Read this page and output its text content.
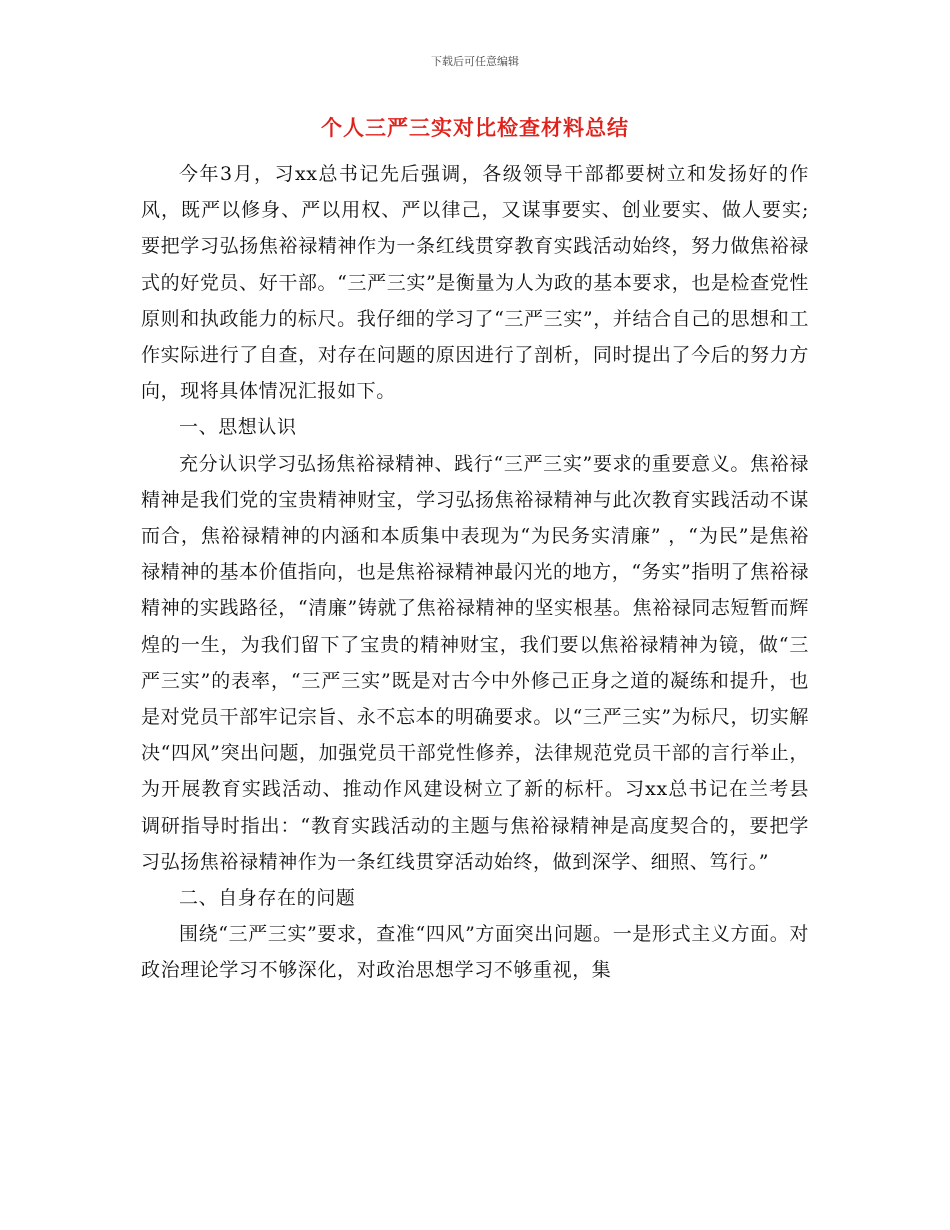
下载后可任意编辑
个人三严三实对比检查材料总结

今年3月，习xx总书记先后强调，各级领导干部都要树立和发扬好的作风，既严以修身、严以用权、严以律己，又谋事要实、创业要实、做人要实;要把学习弘扬焦裕禄精神作为一条红线贯穿教育实践活动始终，努力做焦裕禄式的好党员、好干部。“三严三实”是衡量为人为政的基本要求，也是检查党性原则和执政能力的标尺。我仔细的学习了“三严三实”，并结合自己的思想和工作实际进行了自查，对存在问题的原因进行了剖析，同时提出了今后的努力方向，现将具体情况汇报如下。

一、思想认识

充分认识学习弘扬焦裕禄精神、践行“三严三实”要求的重要意义。焦裕禄精神是我们党的宝贵精神财宝，学习弘扬焦裕禄精神与此次教育实践活动不谋而合，焦裕禄精神的内涵和本质集中表现为“为民务实清廉” ，“为民”是焦裕禄精神的基本价值指向，也是焦裕禄精神最闪光的地方，“务实”指明了焦裕禄精神的实践路径，“清廉”铸就了焦裕禄精神的坚实根基。焦裕禄同志短暂而辉煌的一生，为我们留下了宝贵的精神财宝，我们要以焦裕禄精神为镜，做“三严三实”的表率，“三严三实”既是对古今中外修己正身之道的凝练和提升，也是对党员干部牢记宗旨、永不忘本的明确要求。以“三严三实”为标尺，切实解决“四风”突出问题，加强党员干部党性修养，法律规范党员干部的言行举止，为开展教育实践活动、推动作风建设树立了新的标杆。习xx总书记在兰考县调研指导时指出：“教育实践活动的主题与焦裕禄精神是高度契合的，要把学习弘扬焦裕禄精神作为一条红线贯穿活动始终，做到深学、细照、笃行。”

二、自身存在的问题

围绕“三严三实”要求，查准“四风”方面突出问题。一是形式主义方面。对政治理论学习不够深化，对政治思想学习不够重视，集
